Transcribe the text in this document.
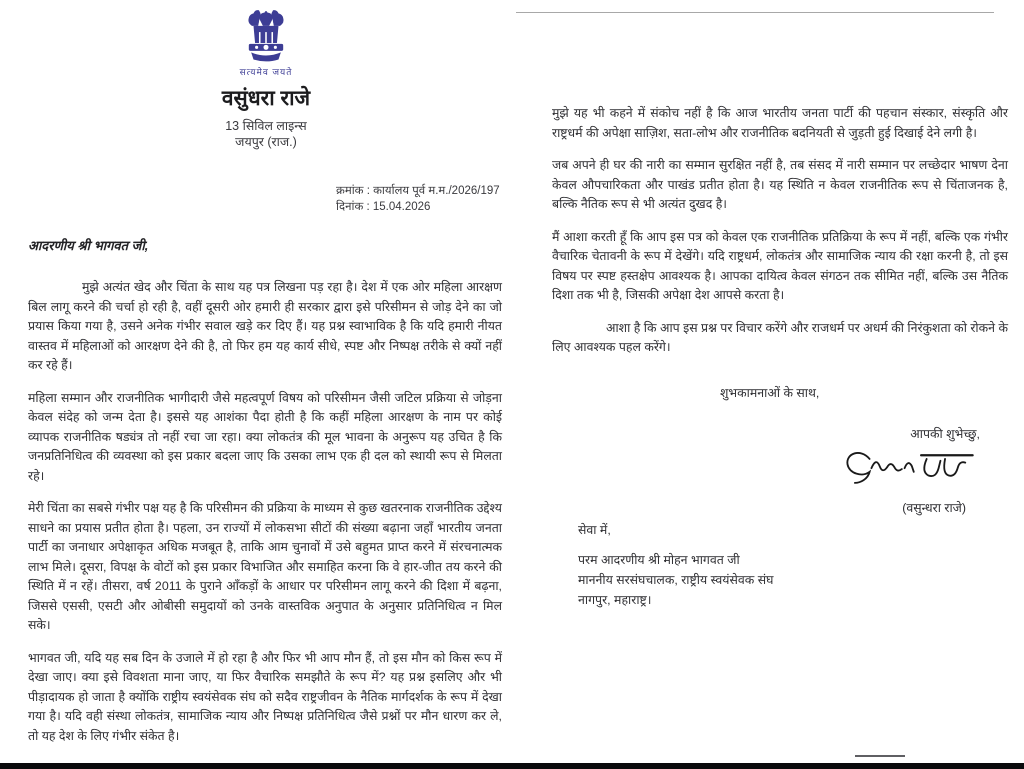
सत्यमेव जयते
वसुंधरा राजे
13 सिविल लाइन्स
जयपुर (राज.)
क्रमांक : कार्यालय पूर्व म.म./2026/197
दिनांक : 15.04.2026

आदरणीय श्री भागवत जी,

मुझे अत्यंत खेद और चिंता के साथ यह पत्र लिखना पड़ रहा है। देश में एक ओर महिला आरक्षण बिल लागू करने की चर्चा हो रही है, वहीं दूसरी ओर हमारी ही सरकार द्वारा इसे परिसीमन से जोड़ देने का जो प्रयास किया गया है, उसने अनेक गंभीर सवाल खड़े कर दिए हैं। यह प्रश्न स्वाभाविक है कि यदि हमारी नीयत वास्तव में महिलाओं को आरक्षण देने की है, तो फिर हम यह कार्य सीधे, स्पष्ट और निष्पक्ष तरीके से क्यों नहीं कर रहे हैं।

महिला सम्मान और राजनीतिक भागीदारी जैसे महत्वपूर्ण विषय को परिसीमन जैसी जटिल प्रक्रिया से जोड़ना केवल संदेह को जन्म देता है। इससे यह आशंका पैदा होती है कि कहीं महिला आरक्षण के नाम पर कोई व्यापक राजनीतिक षड्यंत्र तो नहीं रचा जा रहा। क्या लोकतंत्र की मूल भावना के अनुरूप यह उचित है कि जनप्रतिनिधित्व की व्यवस्था को इस प्रकार बदला जाए कि उसका लाभ एक ही दल को स्थायी रूप से मिलता रहे।

मेरी चिंता का सबसे गंभीर पक्ष यह है कि परिसीमन की प्रक्रिया के माध्यम से कुछ खतरनाक राजनीतिक उद्देश्य साधने का प्रयास प्रतीत होता है। पहला, उन राज्यों में लोकसभा सीटों की संख्या बढ़ाना जहाँ भारतीय जनता पार्टी का जनाधार अपेक्षाकृत अधिक मजबूत है, ताकि आम चुनावों में उसे बहुमत प्राप्त करने में संरचनात्मक लाभ मिले। दूसरा, विपक्ष के वोटों को इस प्रकार विभाजित और समाहित करना कि वे हार-जीत तय करने की स्थिति में न रहें। तीसरा, वर्ष 2011 के पुराने आँकड़ों के आधार पर परिसीमन लागू करने की दिशा में बढ़ना, जिससे एससी, एसटी और ओबीसी समुदायों को उनके वास्तविक अनुपात के अनुसार प्रतिनिधित्व न मिल सके।

भागवत जी, यदि यह सब दिन के उजाले में हो रहा है और फिर भी आप मौन हैं, तो इस मौन को किस रूप में देखा जाए। क्या इसे विवशता माना जाए, या फिर वैचारिक समझौते के रूप में? यह प्रश्न इसलिए और भी पीड़ादायक हो जाता है क्योंकि राष्ट्रीय स्वयंसेवक संघ को सदैव राष्ट्रजीवन के नैतिक मार्गदर्शक के रूप में देखा गया है। यदि वही संस्था लोकतंत्र, सामाजिक न्याय और निष्पक्ष प्रतिनिधित्व जैसे प्रश्नों पर मौन धारण कर ले, तो यह देश के लिए गंभीर संकेत है।

मुझे यह भी कहने में संकोच नहीं है कि आज भारतीय जनता पार्टी की पहचान संस्कार, संस्कृति और राष्ट्रधर्म की अपेक्षा साज़िश, सता-लोभ और राजनीतिक बदनियती से जुड़ती हुई दिखाई देने लगी है।

जब अपने ही घर की नारी का सम्मान सुरक्षित नहीं है, तब संसद में नारी सम्मान पर लच्छेदार भाषण देना केवल औपचारिकता और पाखंड प्रतीत होता है। यह स्थिति न केवल राजनीतिक रूप से चिंताजनक है, बल्कि नैतिक रूप से भी अत्यंत दुखद है।

मैं आशा करती हूँ कि आप इस पत्र को केवल एक राजनीतिक प्रतिक्रिया के रूप में नहीं, बल्कि एक गंभीर वैचारिक चेतावनी के रूप में देखेंगे। यदि राष्ट्रधर्म, लोकतंत्र और सामाजिक न्याय की रक्षा करनी है, तो इस विषय पर स्पष्ट हस्तक्षेप आवश्यक है। आपका दायित्व केवल संगठन तक सीमित नहीं, बल्कि उस नैतिक दिशा तक भी है, जिसकी अपेक्षा देश आपसे करता है।

आशा है कि आप इस प्रश्न पर विचार करेंगे और राजधर्म पर अधर्म की निरंकुशता को रोकने के लिए आवश्यक पहल करेंगे।

शुभकामनाओं के साथ,
आपकी शुभेच्छु,
(वसुन्धरा राजे)
सेवा में,
परम आदरणीय श्री मोहन भागवत जी
माननीय सरसंघचालक, राष्ट्रीय स्वयंसेवक संघ
नागपुर, महाराष्ट्र।
